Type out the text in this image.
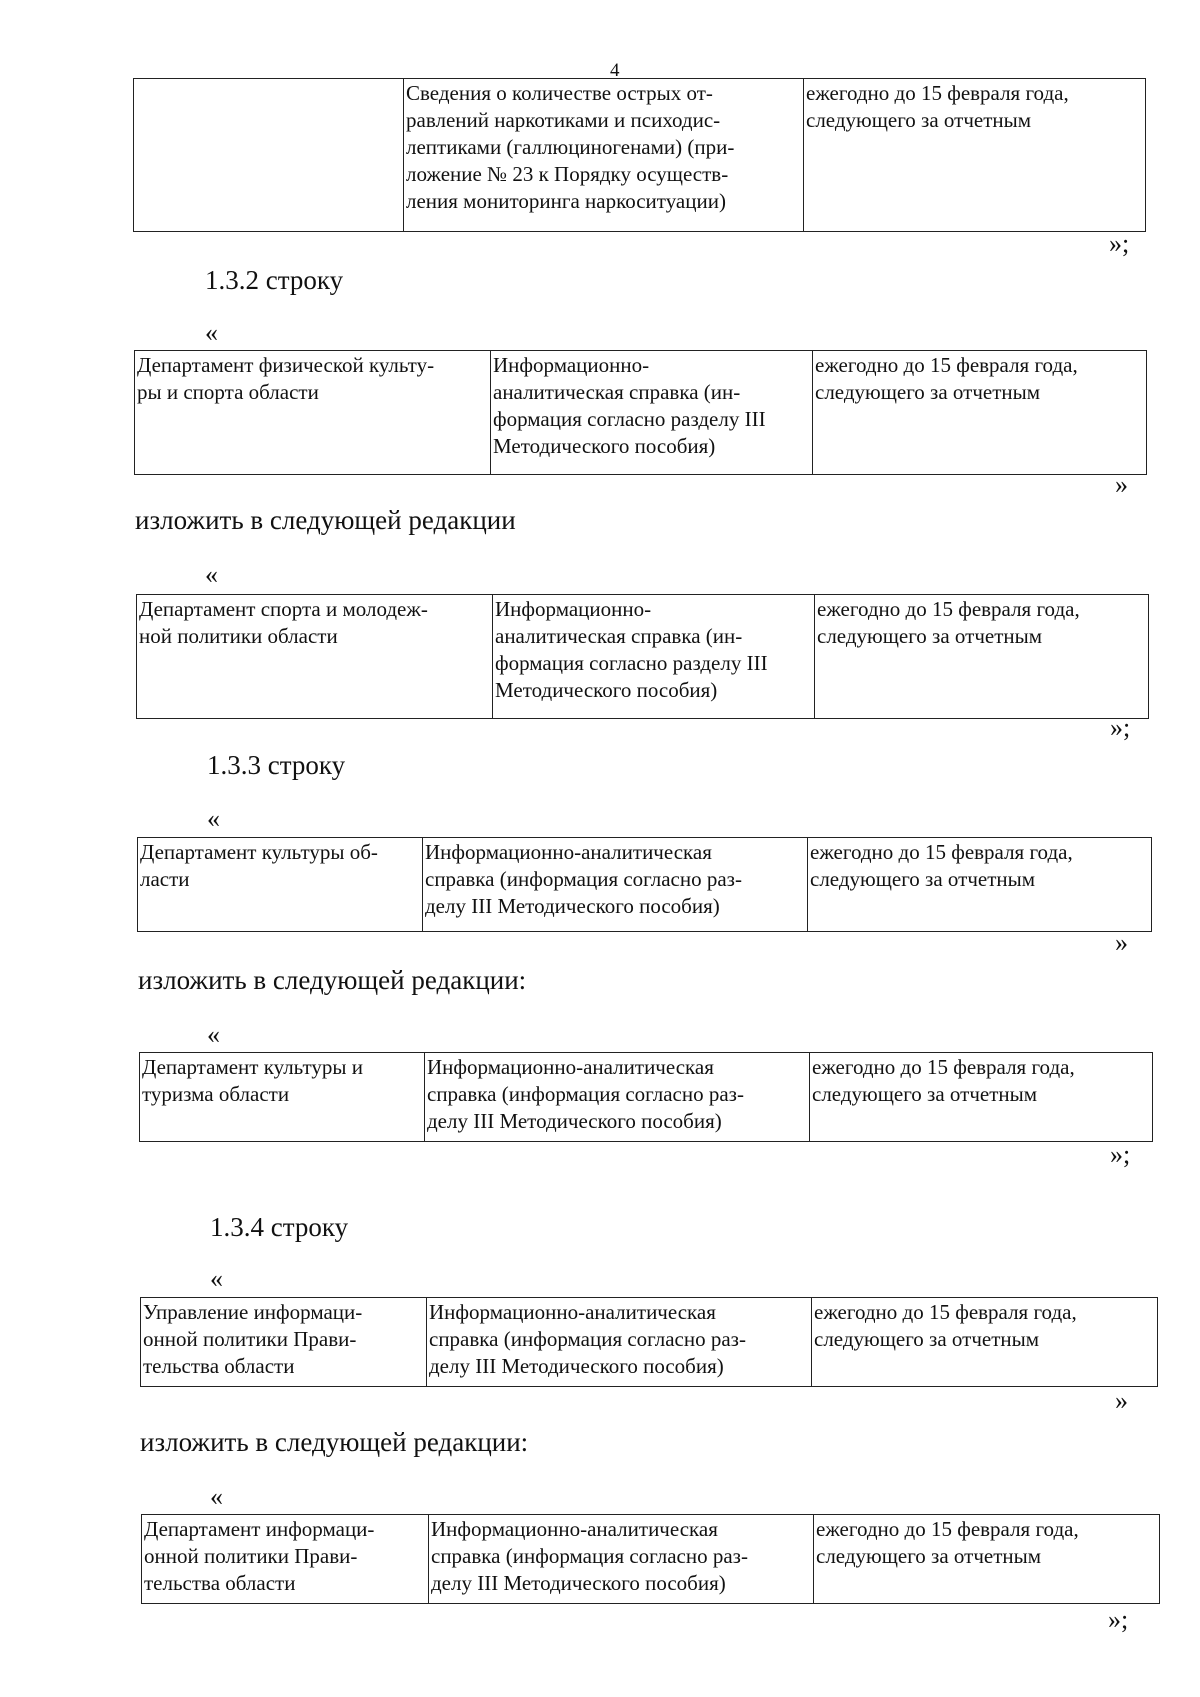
4
	Сведения о количестве острых от-
равлений наркотиками и психодис-
лептиками (галлюциногенами) (при-
ложение № 23 к Порядку осуществ-
ления мониторинга наркоситуации)	ежегодно до 15 февраля года,
следующего за отчетным
»;
1.3.2 строку
«
Департамент физической культу-
ры и спорта области	Информационно-
аналитическая справка (ин-
формация согласно разделу III
Методического пособия)	ежегодно до 15 февраля года,
следующего за отчетным
»
изложить в следующей редакции
«
Департамент спорта и молодеж-
ной политики области	Информационно-
аналитическая справка (ин-
формация согласно разделу III
Методического пособия)	ежегодно до 15 февраля года,
следующего за отчетным
»;
1.3.3 строку
«
Департамент культуры об-
ласти	Информационно-аналитическая
справка (информация согласно раз-
делу III Методического пособия)	ежегодно до 15 февраля года,
следующего за отчетным
»
изложить в следующей редакции:
«
Департамент культуры и
туризма области	Информационно-аналитическая
справка (информация согласно раз-
делу III Методического пособия)	ежегодно до 15 февраля года,
следующего за отчетным
»;
1.3.4 строку
«
Управление информаци-
онной политики Прави-
тельства области	Информационно-аналитическая
справка (информация согласно раз-
делу III Методического пособия)	ежегодно до 15 февраля года,
следующего за отчетным
»
изложить в следующей редакции:
«
Департамент информаци-
онной политики Прави-
тельства области	Информационно-аналитическая
справка (информация согласно раз-
делу III Методического пособия)	ежегодно до 15 февраля года,
следующего за отчетным
»;
